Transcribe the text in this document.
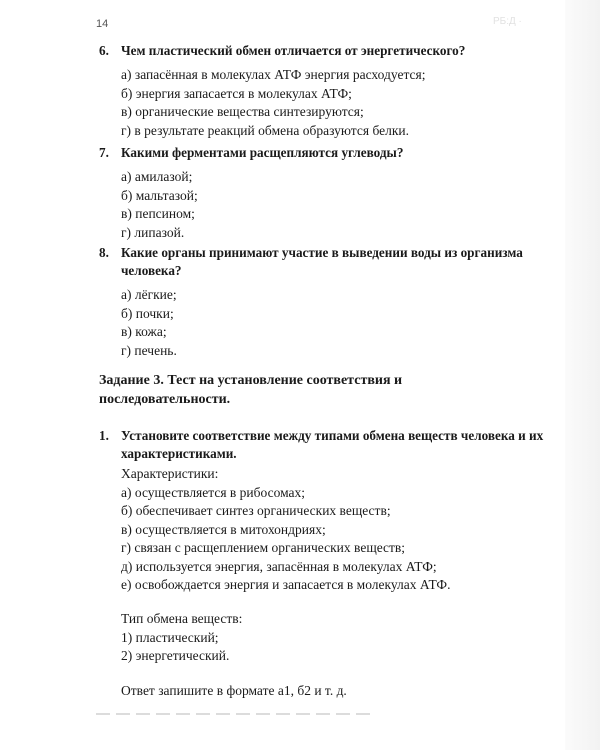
14	РБ:Д ·
6. Чем пластический обмен отличается от энергетического?
а) запасённая в молекулах АТФ энергия расходуется;
б) энергия запасается в молекулах АТФ;
в) органические вещества синтезируются;
г) в результате реакций обмена образуются белки.
7. Какими ферментами расщепляются углеводы?
а) амилазой;
б) мальтазой;
в) пепсином;
г) липазой.
8. Какие органы принимают участие в выведении воды из организма человека?
а) лёгкие;
б) почки;
в) кожа;
г) печень.
Задание 3. Тест на установление соответствия и последовательности.
1. Установите соответствие между типами обмена веществ человека и их характеристиками.
Характеристики:
а) осуществляется в рибосомах;
б) обеспечивает синтез органических веществ;
в) осуществляется в митохондриях;
г) связан с расщеплением органических веществ;
д) используется энергия, запасённая в молекулах АТФ;
е) освобождается энергия и запасается в молекулах АТФ.
Тип обмена веществ:
1) пластический;
2) энергетический.
Ответ запишите в формате а1, б2 и т. д.
